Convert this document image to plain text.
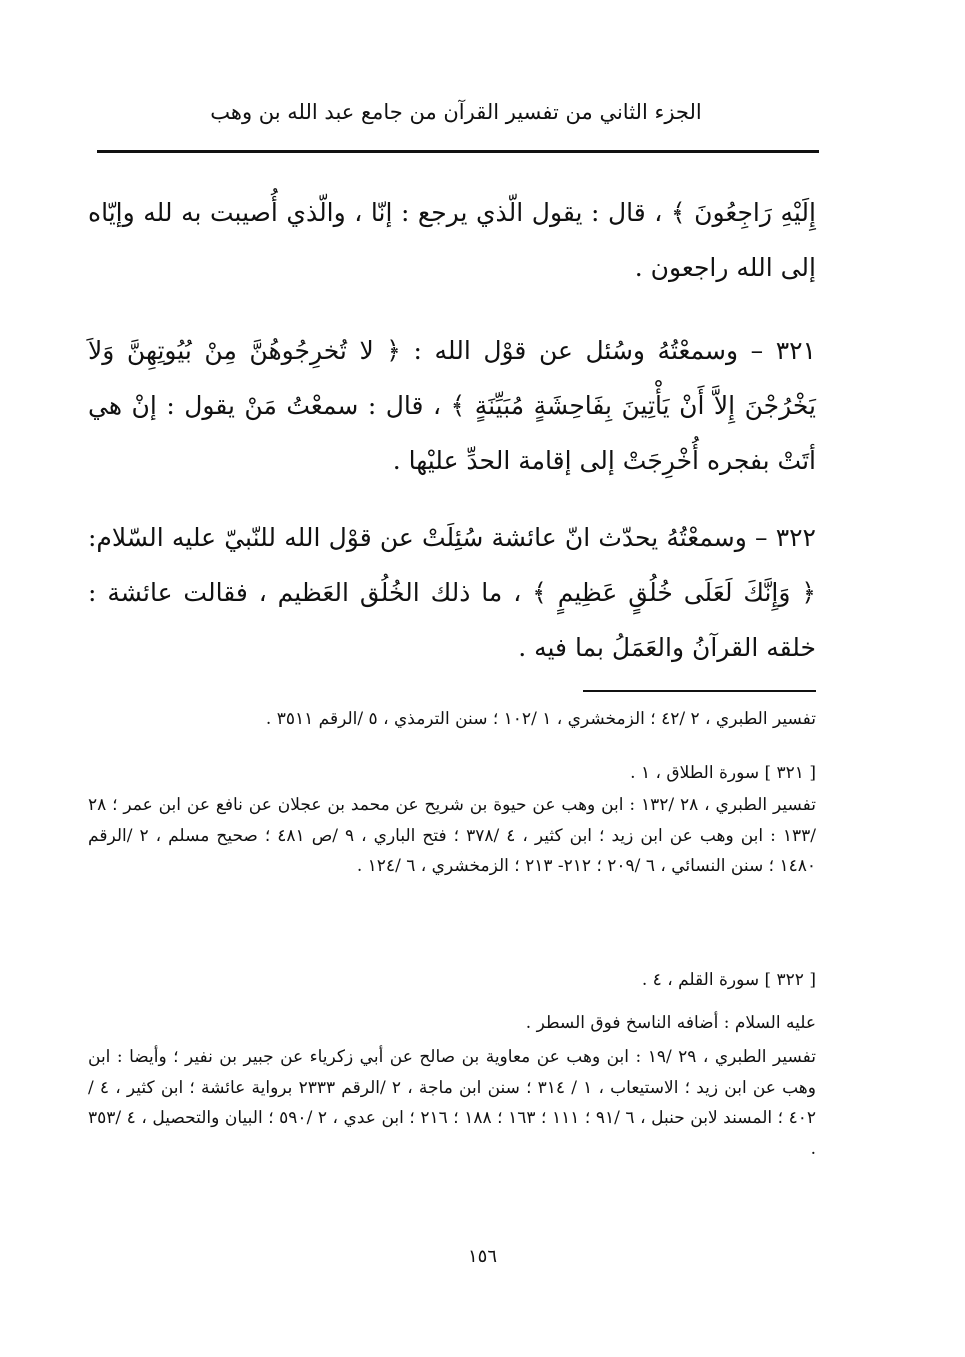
الجزء الثاني من تفسير القرآن من جامع عبد الله بن وهب

إِلَيْهِ رَاجِعُونَ ﴾ ، قال : يقول الّذي يرجع : إنّا ، والّذي أُصيبت به لله وإيّاه إلى الله راجعون .

٣٢١ – وسمعْتُهُ وسُئل عن قوْل الله : ﴿ لا تُخرِجُوهُنَّ مِنْ بُيُوتِهِنَّ وَلاَ يَخْرُجْنَ إِلاَّ أَنْ يَأْتِينَ بِفَاحِشَةٍ مُبَيِّنَةٍ ﴾ ، قال : سمعْتُ مَنْ يقول : إنْ هي أتَتْ بفجره أُخْرِجَتْ إلى إقامة الحدِّ عليْها .

٣٢٢ – وسمعْتُهُ يحدّث انّ عائشة سُئِلَتْ عن قوْل الله للنّبيّ عليه السّلام: ﴿ وَإِنَّكَ لَعَلَى خُلُقٍ عَظِيمٍ ﴾ ، ما ذلك الخُلُق العَظيم ، فقالت عائشة : خلقه القرآنُ والعَمَلُ بما فيه .

تفسير الطبري ، ٢ /٤٢ ؛ الزمخشري ، ١ /١٠٢ ؛ سنن الترمذي ، ٥ /الرقم ٣٥١١ .

[ ٣٢١ ] سورة الطلاق ، ١ .

تفسير الطبري ، ٢٨ /١٣٢ : ابن وهب عن حيوة بن شريح عن محمد بن عجلان عن نافع عن ابن عمر ؛ ٢٨ /١٣٣ : ابن وهب عن ابن زيد ؛ ابن كثير ، ٤ /٣٧٨ ؛ فتح الباري ، ٩ /ص ٤٨١ ؛ صحيح مسلم ، ٢ /الرقم ١٤٨٠ ؛ سنن النسائي ، ٦ /٢٠٩ ؛ ٢١٢- ٢١٣ ؛ الزمخشري ، ٦ /١٢٤ .

[ ٣٢٢ ] سورة القلم ، ٤ .

عليه السلام : أضافه الناسخ فوق السطر .

تفسير الطبري ، ٢٩ /١٩ : ابن وهب عن معاوية بن صالح عن أبي زكرياء عن جبير بن نفير ؛ وأيضا : ابن وهب عن ابن زيد ؛ الاستيعاب ، ١ / ٣١٤ ؛ سنن ابن ماجة ، ٢ /الرقم ٢٣٣٣ برواية عائشة ؛ ابن كثير ، ٤ /٤٠٢ ؛ المسند لابن حنبل ، ٦ /٩١ ؛ ١١١ ؛ ١٦٣ ؛ ١٨٨ ؛ ٢١٦ ؛ ابن عدي ، ٢ /٥٩٠ ؛ البيان والتحصيل ، ٤ /٣٥٣ .

١٥٦
